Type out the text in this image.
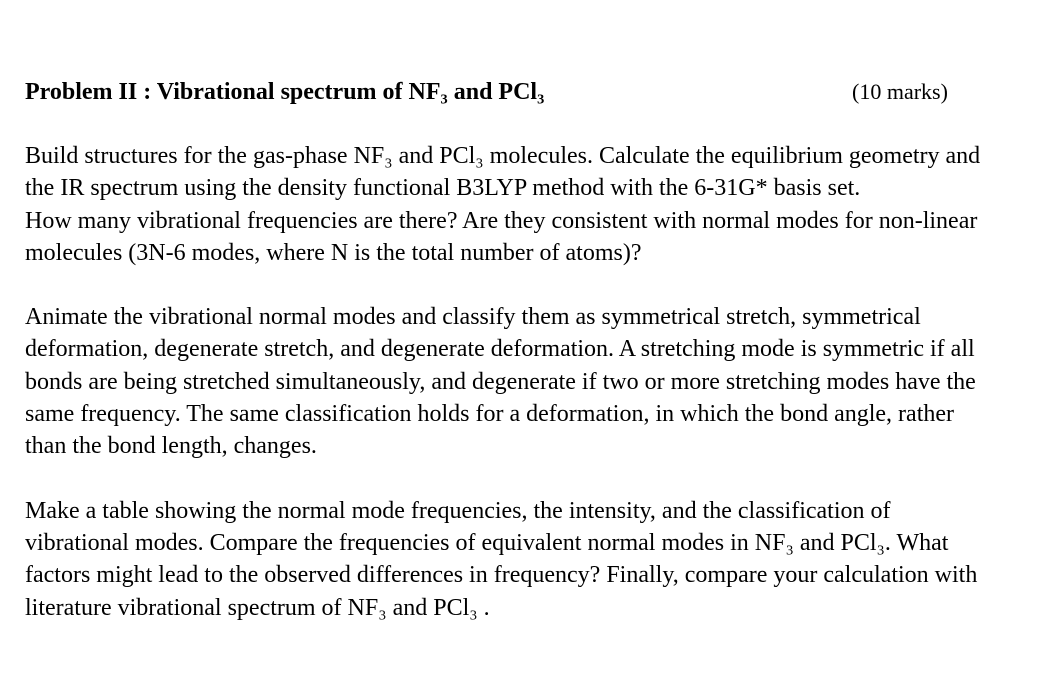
Problem II : Vibrational spectrum of NF₃ and PCl₃	(10 marks)

Build structures for the gas-phase NF₃ and PCl₃ molecules. Calculate the equilibrium geometry and the IR spectrum using the density functional B3LYP method with the 6-31G* basis set.

How many vibrational frequencies are there? Are they consistent with normal modes for non-linear molecules (3N-6 modes, where N is the total number of atoms)?

Animate the vibrational normal modes and classify them as symmetrical stretch, symmetrical deformation, degenerate stretch, and degenerate deformation. A stretching mode is symmetric if all bonds are being stretched simultaneously, and degenerate if two or more stretching modes have the same frequency. The same classification holds for a deformation, in which the bond angle, rather than the bond length, changes.

Make a table showing the normal mode frequencies, the intensity, and the classification of vibrational modes. Compare the frequencies of equivalent normal modes in NF₃ and PCl₃. What factors might lead to the observed differences in frequency? Finally, compare your calculation with literature vibrational spectrum of NF₃ and PCl₃ .
